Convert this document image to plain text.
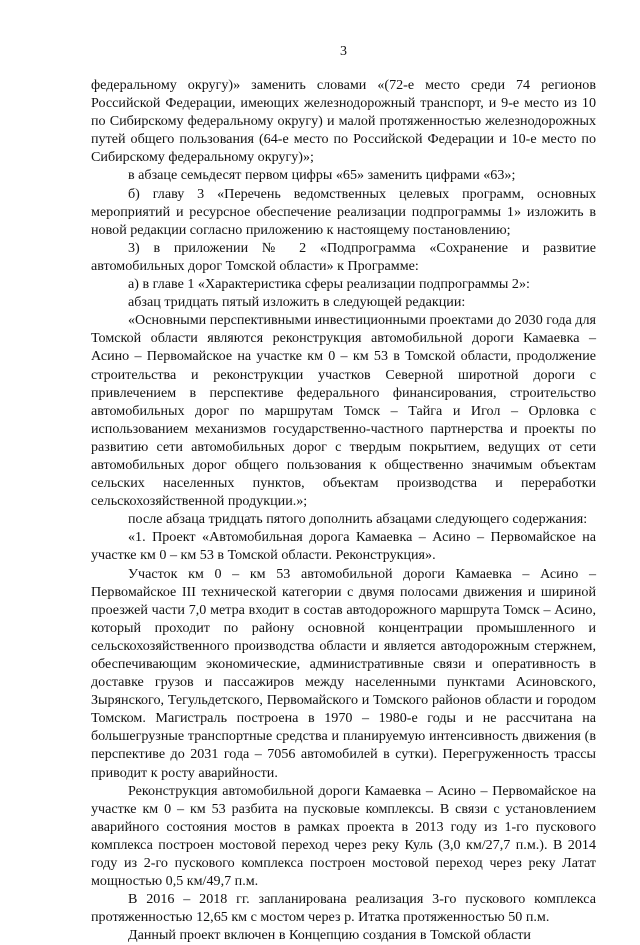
3

федеральному округу)» заменить словами «(72-е место среди 74 регионов Российской Федерации, имеющих железнодорожный транспорт, и 9-е место из 10 по Сибирскому федеральному округу) и малой протяженностью железнодорожных путей общего пользования (64-е место по Российской Федерации и 10-е место по Сибирскому федеральному округу)»;

в абзаце семьдесят первом цифры «65» заменить цифрами «63»;

б) главу 3 «Перечень ведомственных целевых программ, основных мероприятий и ресурсное обеспечение реализации подпрограммы 1» изложить в новой редакции согласно приложению к настоящему постановлению;

3) в приложении № 2 «Подпрограмма «Сохранение и развитие автомобильных дорог Томской области» к Программе:

а) в главе 1 «Характеристика сферы реализации подпрограммы 2»:

абзац тридцать пятый изложить в следующей редакции:

«Основными перспективными инвестиционными проектами до 2030 года для Томской области являются реконструкция автомобильной дороги Камаевка – Асино – Первомайское на участке км 0 – км 53 в Томской области, продолжение строительства и реконструкции участков Северной широтной дороги с привлечением в перспективе федерального финансирования, строительство автомобильных дорог по маршрутам Томск – Тайга и Игол – Орловка с использованием механизмов государственно-частного партнерства и проекты по развитию сети автомобильных дорог с твердым покрытием, ведущих от сети автомобильных дорог общего пользования к общественно значимым объектам сельских населенных пунктов, объектам производства и переработки сельскохозяйственной продукции.»;

после абзаца тридцать пятого дополнить абзацами следующего содержания:

«1. Проект «Автомобильная дорога Камаевка – Асино – Первомайское на участке км 0 – км 53 в Томской области. Реконструкция».

Участок км 0 – км 53 автомобильной дороги Камаевка – Асино – Первомайское III технической категории с двумя полосами движения и шириной проезжей части 7,0 метра входит в состав автодорожного маршрута Томск – Асино, который проходит по району основной концентрации промышленного и сельскохозяйственного производства области и является автодорожным стержнем, обеспечивающим экономические, административные связи и оперативность в доставке грузов и пассажиров между населенными пунктами Асиновского, Зырянского, Тегульдетского, Первомайского и Томского районов области и городом Томском. Магистраль построена в 1970 – 1980-е годы и не рассчитана на большегрузные транспортные средства и планируемую интенсивность движения (в перспективе до 2031 года – 7056 автомобилей в сутки). Перегруженность трассы приводит к росту аварийности.

Реконструкция автомобильной дороги Камаевка – Асино – Первомайское на участке км 0 – км 53 разбита на пусковые комплексы. В связи с установлением аварийного состояния мостов в рамках проекта в 2013 году из 1-го пускового комплекса построен мостовой переход через реку Куль (3,0 км/27,7 п.м.). В 2014 году из 2-го пускового комплекса построен мостовой переход через реку Латат мощностью 0,5 км/49,7 п.м.

В 2016 – 2018 гг. запланирована реализация 3-го пускового комплекса протяженностью 12,65 км с мостом через р. Итатка протяженностью 50 п.м.

Данный проект включен в Концепцию создания в Томской области
